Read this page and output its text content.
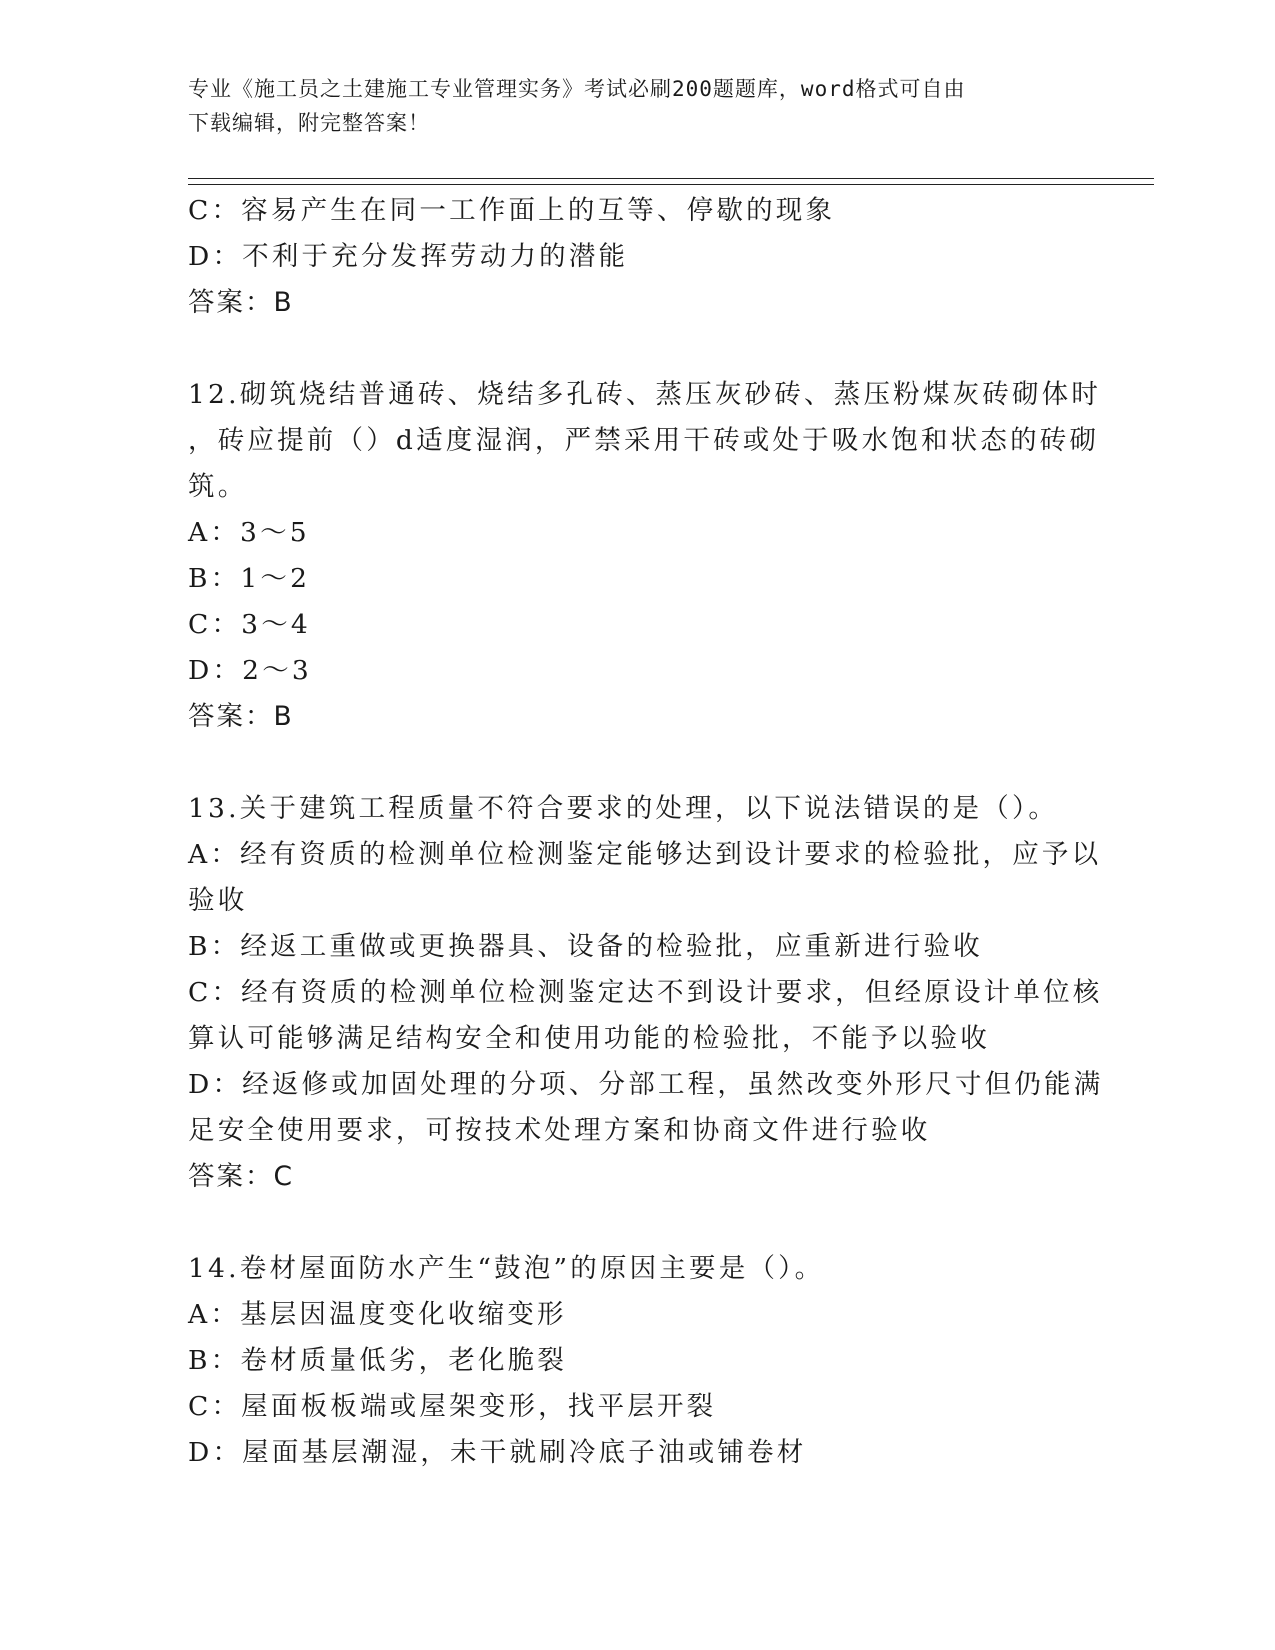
专业《施工员之土建施工专业管理实务》考试必刷200题题库，word格式可自由
下载编辑，附完整答案！
C：容易产生在同一工作面上的互等、停歇的现象
D：不利于充分发挥劳动力的潜能
答案：B
12.砌筑烧结普通砖、烧结多孔砖、蒸压灰砂砖、蒸压粉煤灰砖砌体时
，砖应提前（）d适度湿润，严禁采用干砖或处于吸水饱和状态的砖砌
筑。
A：3～5
B：1～2
C：3～4
D：2～3
答案：B
13.关于建筑工程质量不符合要求的处理，以下说法错误的是（）。
A：经有资质的检测单位检测鉴定能够达到设计要求的检验批，应予以
验收
B：经返工重做或更换器具、设备的检验批，应重新进行验收
C：经有资质的检测单位检测鉴定达不到设计要求，但经原设计单位核
算认可能够满足结构安全和使用功能的检验批，不能予以验收
D：经返修或加固处理的分项、分部工程，虽然改变外形尺寸但仍能满
足安全使用要求，可按技术处理方案和协商文件进行验收
答案：C
14.卷材屋面防水产生“鼓泡”的原因主要是（）。
A：基层因温度变化收缩变形
B：卷材质量低劣，老化脆裂
C：屋面板板端或屋架变形，找平层开裂
D：屋面基层潮湿，未干就刷冷底子油或铺卷材
